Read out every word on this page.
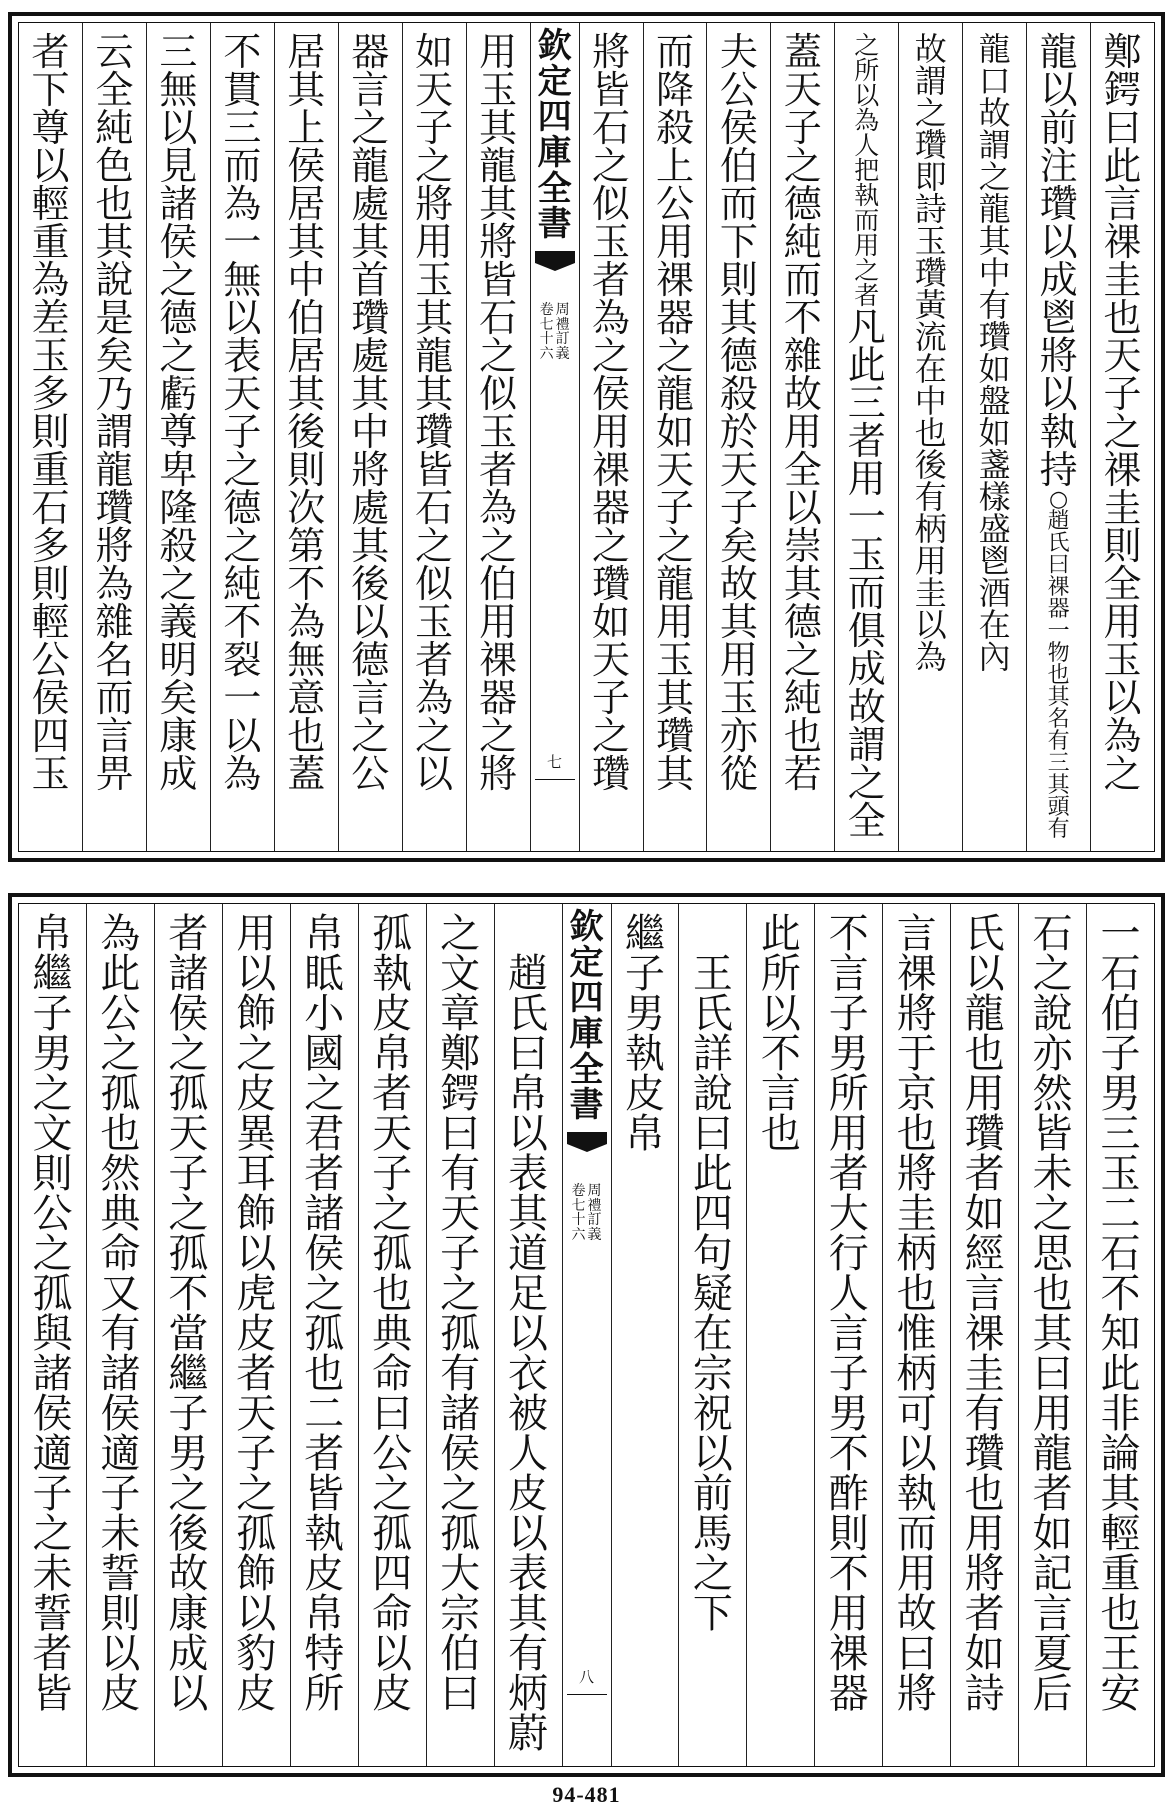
鄭
鍔
曰
此
言
祼
圭
也
天
子
之
祼
圭
則
全
用
玉
以
為
之
龍
以
前
注
瓚
以
成
鬯
將
以
執
持
○
趙
氏
曰
祼
器
一
物
也
其
名
有
三
其
頭
有
龍
口
故
謂
之
龍
其
中
有
瓚
如
盤
如
盞
樣
盛
鬯
酒
在
內
故
謂
之
瓚
即
詩
玉
瓚
黃
流
在
中
也
後
有
柄
用
圭
以
為
之
所
以
為
人
把
執
而
用
之
者
凡
此
三
者
用
一
玉
而
俱
成
故
謂
之
全
蓋
天
子
之
德
純
而
不
雜
故
用
全
以
崇
其
德
之
純
也
若
夫
公
侯
伯
而
下
則
其
德
殺
於
天
子
矣
故
其
用
玉
亦
從
而
降
殺
上
公
用
祼
器
之
龍
如
天
子
之
龍
用
玉
其
瓚
其
將
皆
石
之
似
玉
者
為
之
侯
用
祼
器
之
瓚
如
天
子
之
瓚
欽
定
四
庫
全
書
周
禮
訂
義
卷
七
十
六
七
用
玉
其
龍
其
將
皆
石
之
似
玉
者
為
之
伯
用
祼
器
之
將
如
天
子
之
將
用
玉
其
龍
其
瓚
皆
石
之
似
玉
者
為
之
以
器
言
之
龍
處
其
首
瓚
處
其
中
將
處
其
後
以
德
言
之
公
居
其
上
侯
居
其
中
伯
居
其
後
則
次
第
不
為
無
意
也
蓋
不
貫
三
而
為
一
無
以
表
天
子
之
德
之
純
不
裂
一
以
為
三
無
以
見
諸
侯
之
德
之
虧
尊
卑
隆
殺
之
義
明
矣
康
成
云
全
純
色
也
其
說
是
矣
乃
謂
龍
瓚
將
為
雜
名
而
言
畀
者
下
尊
以
輕
重
為
差
玉
多
則
重
石
多
則
輕
公
侯
四
玉
一
石
伯
子
男
三
玉
二
石
不
知
此
非
論
其
輕
重
也
王
安
石
之
說
亦
然
皆
未
之
思
也
其
曰
用
龍
者
如
記
言
夏
后
氏
以
龍
也
用
瓚
者
如
經
言
祼
圭
有
瓚
也
用
將
者
如
詩
言
祼
將
于
京
也
將
圭
柄
也
惟
柄
可
以
執
而
用
故
曰
將
不
言
子
男
所
用
者
大
行
人
言
子
男
不
酢
則
不
用
祼
器
此
所
以
不
言
也
王
氏
詳
說
曰
此
四
句
疑
在
宗
祝
以
前
馬
之
下
繼
子
男
執
皮
帛
欽
定
四
庫
全
書
周
禮
訂
義
卷
七
十
六
八
趙
氏
曰
帛
以
表
其
道
足
以
衣
被
人
皮
以
表
其
有
炳
蔚
之
文
章
鄭
鍔
曰
有
天
子
之
孤
有
諸
侯
之
孤
大
宗
伯
曰
孤
執
皮
帛
者
天
子
之
孤
也
典
命
曰
公
之
孤
四
命
以
皮
帛
眡
小
國
之
君
者
諸
侯
之
孤
也
二
者
皆
執
皮
帛
特
所
用
以
飾
之
皮
異
耳
飾
以
虎
皮
者
天
子
之
孤
飾
以
豹
皮
者
諸
侯
之
孤
天
子
之
孤
不
當
繼
子
男
之
後
故
康
成
以
為
此
公
之
孤
也
然
典
命
又
有
諸
侯
適
子
未
誓
則
以
皮
帛
繼
子
男
之
文
則
公
之
孤
與
諸
侯
適
子
之
未
誓
者
皆
94-481
